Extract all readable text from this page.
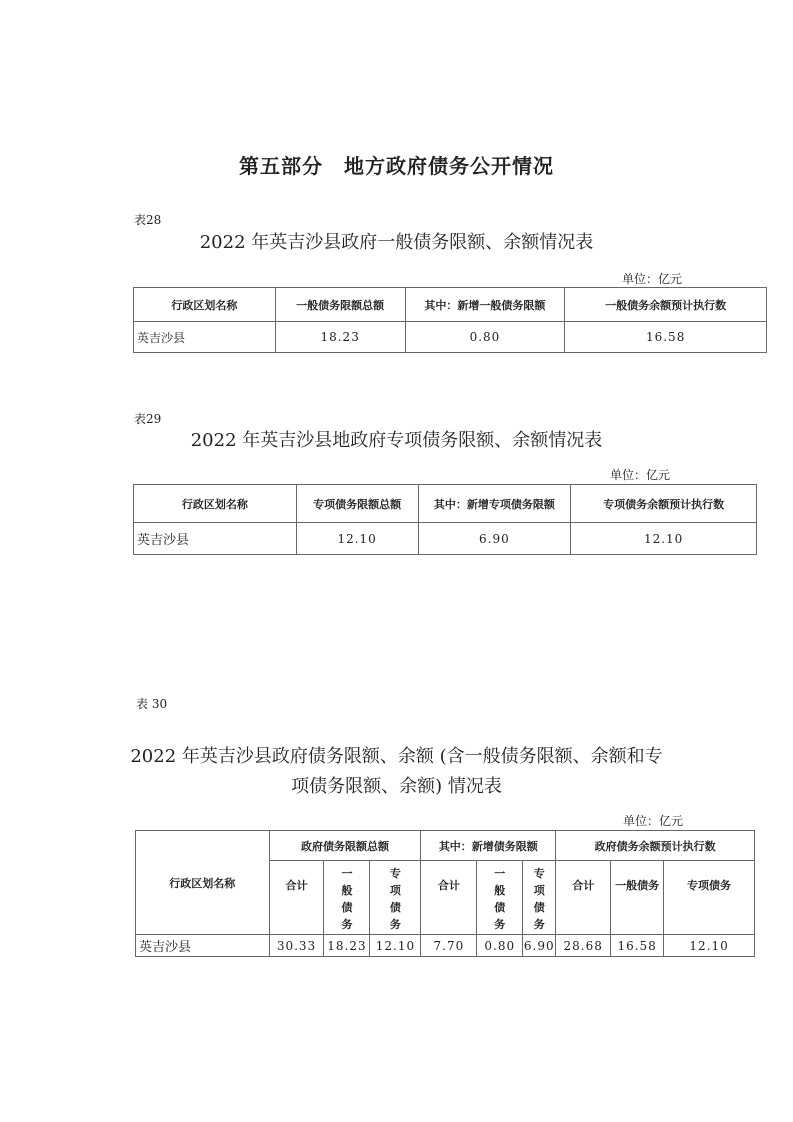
第五部分　地方政府债务公开情况
表28
2022 年英吉沙县政府一般债务限额、余额情况表
单位：亿元
行政区划名称	一般债务限额总额	其中：新增一般债务限额	一般债务余额预计执行数
英吉沙县	18.23	0.80	16.58
表29
2022 年英吉沙县地政府专项债务限额、余额情况表
单位：亿元
行政区划名称	专项债务限额总额	其中：新增专项债务限额	专项债务余额预计执行数
英吉沙县	12.10	6.90	12.10
表 30
2022 年英吉沙县政府债务限额、余额 (含一般债务限额、余额和专
项债务限额、余额) 情况表
单位：亿元
行政区划名称	政府债务限额总额			其中：新增债务限额			政府债务余额预计执行数		
	合计	一般债务	专项债务	合计	一般债务	专项债务	合计	一般债务	专项债务
英吉沙县	30.33	18.23	12.10	7.70	0.80	6.90	28.68	16.58	12.10
